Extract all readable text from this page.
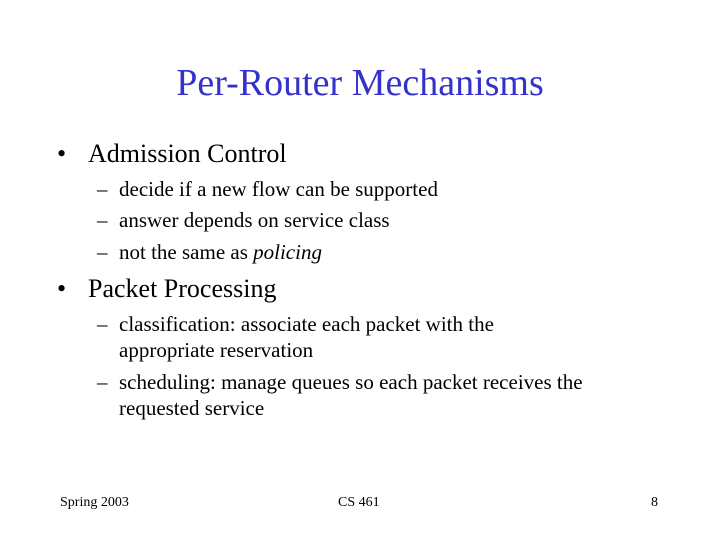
Per-Router Mechanisms
• Admission Control
– decide if a new flow can be supported
– answer depends on service class
– not the same as policing
• Packet Processing
– classification: associate each packet with the
appropriate reservation
– scheduling: manage queues so each packet receives the
requested service
Spring 2003	CS 461	8
